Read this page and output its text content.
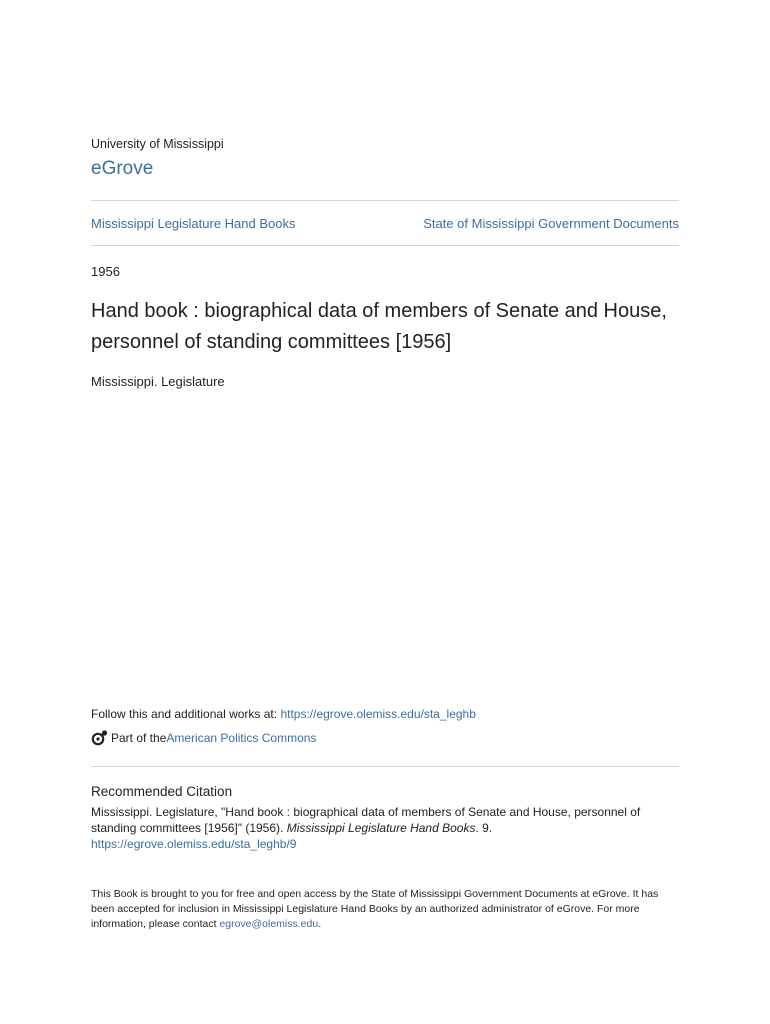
University of Mississippi
eGrove
Mississippi Legislature Hand Books	State of Mississippi Government Documents
1956
Hand book : biographical data of members of Senate and House, personnel of standing committees [1956]
Mississippi. Legislature
Follow this and additional works at: https://egrove.olemiss.edu/sta_leghb
Part of the American Politics Commons
Recommended Citation
Mississippi. Legislature, "Hand book : biographical data of members of Senate and House, personnel of standing committees [1956]" (1956). Mississippi Legislature Hand Books. 9.
https://egrove.olemiss.edu/sta_leghb/9
This Book is brought to you for free and open access by the State of Mississippi Government Documents at eGrove. It has been accepted for inclusion in Mississippi Legislature Hand Books by an authorized administrator of eGrove. For more information, please contact egrove@olemiss.edu.
